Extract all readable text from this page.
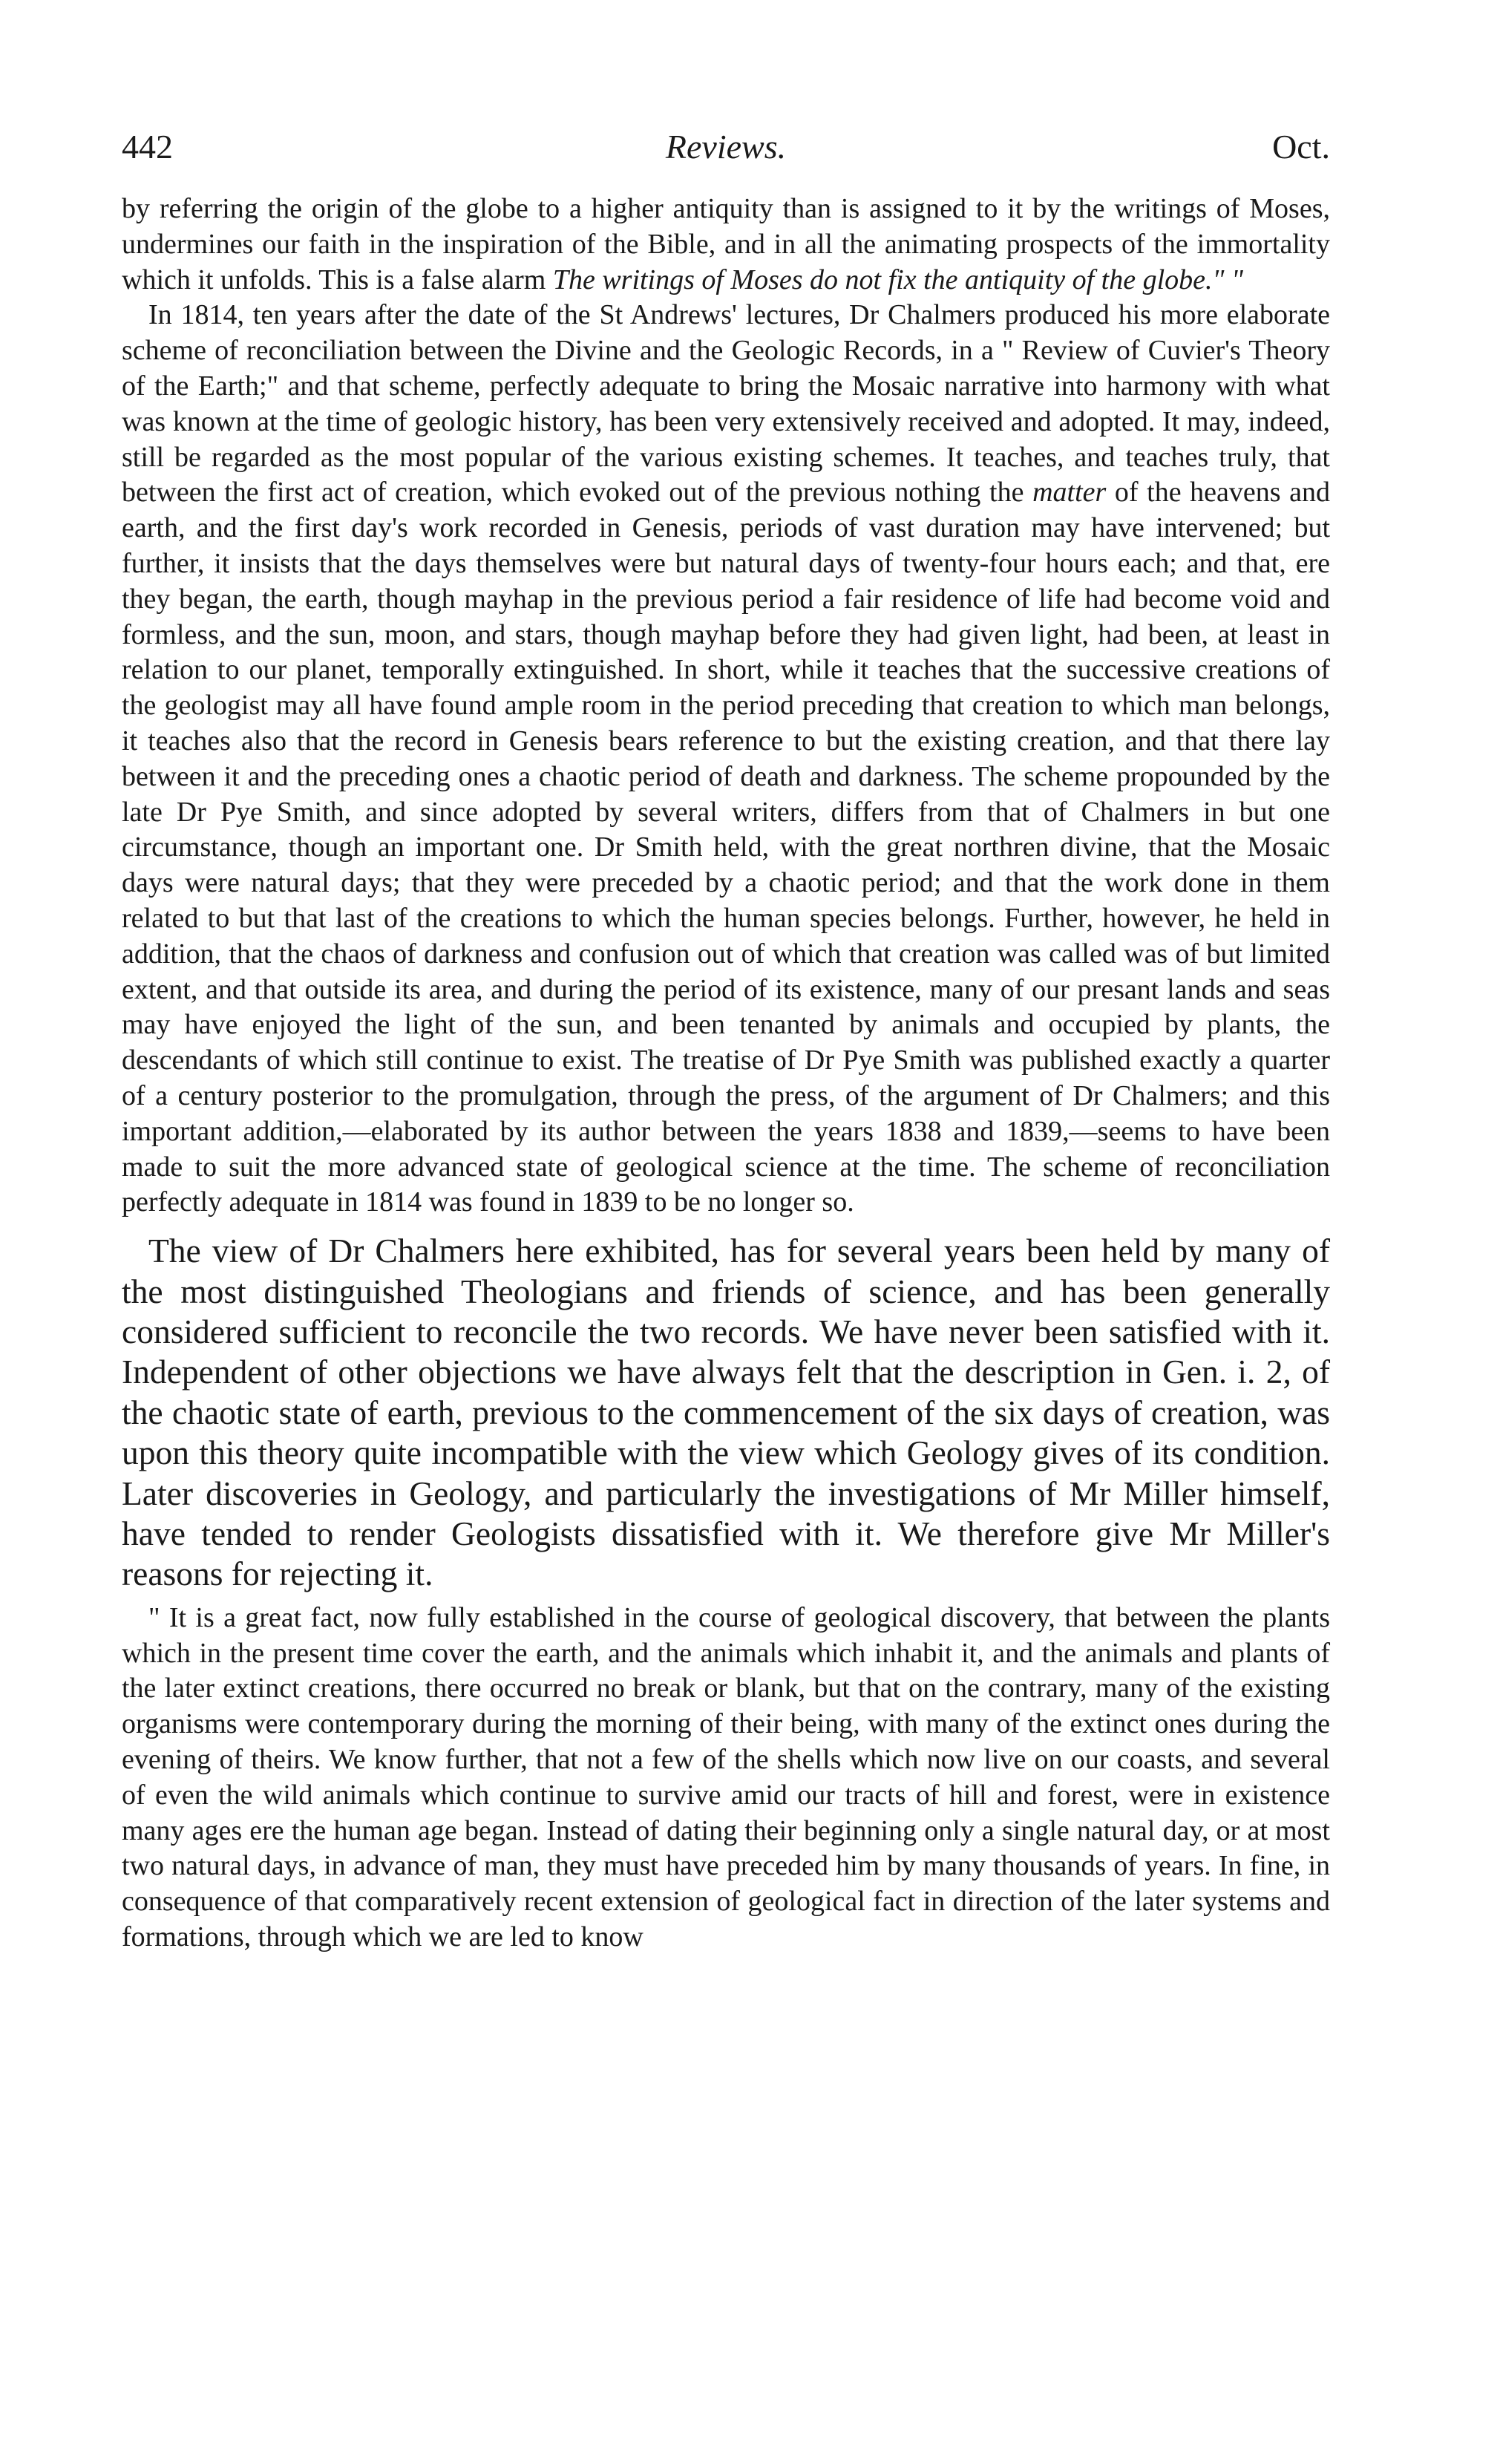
442	Reviews.	Oct.

by referring the origin of the globe to a higher antiquity than is assigned to it by the writings of Moses, undermines our faith in the inspiration of the Bible, and in all the animating prospects of the immortality which it unfolds. This is a false alarm The writings of Moses do not fix the antiquity of the globe." "

In 1814, ten years after the date of the St Andrews' lectures, Dr Chalmers produced his more elaborate scheme of reconciliation between the Divine and the Geologic Records, in a " Review of Cuvier's Theory of the Earth;" and that scheme, perfectly adequate to bring the Mosaic narrative into harmony with what was known at the time of geologic history, has been very extensively received and adopted. It may, indeed, still be regarded as the most popular of the various existing schemes. It teaches, and teaches truly, that between the first act of creation, which evoked out of the previous nothing the matter of the heavens and earth, and the first day's work recorded in Genesis, periods of vast duration may have intervened; but further, it insists that the days themselves were but natural days of twenty-four hours each; and that, ere they began, the earth, though mayhap in the previous period a fair residence of life had become void and formless, and the sun, moon, and stars, though mayhap before they had given light, had been, at least in relation to our planet, temporally extinguished. In short, while it teaches that the successive creations of the geologist may all have found ample room in the period preceding that creation to which man belongs, it teaches also that the record in Genesis bears reference to but the existing creation, and that there lay between it and the preceding ones a chaotic period of death and darkness. The scheme propounded by the late Dr Pye Smith, and since adopted by several writers, differs from that of Chalmers in but one circumstance, though an important one. Dr Smith held, with the great northren divine, that the Mosaic days were natural days; that they were preceded by a chaotic period; and that the work done in them related to but that last of the creations to which the human species belongs. Further, however, he held in addition, that the chaos of darkness and confusion out of which that creation was called was of but limited extent, and that outside its area, and during the period of its existence, many of our presant lands and seas may have enjoyed the light of the sun, and been tenanted by animals and occupied by plants, the descendants of which still continue to exist. The treatise of Dr Pye Smith was published exactly a quarter of a century posterior to the promulgation, through the press, of the argument of Dr Chalmers; and this important addition,—elaborated by its author between the years 1838 and 1839,—seems to have been made to suit the more advanced state of geological science at the time. The scheme of reconciliation perfectly adequate in 1814 was found in 1839 to be no longer so.

The view of Dr Chalmers here exhibited, has for several years been held by many of the most distinguished Theologians and friends of science, and has been generally considered sufficient to reconcile the two records. We have never been satisfied with it. Independent of other objections we have always felt that the description in Gen. i. 2, of the chaotic state of earth, previous to the commencement of the six days of creation, was upon this theory quite incompatible with the view which Geology gives of its condition. Later discoveries in Geology, and particularly the investigations of Mr Miller himself, have tended to render Geologists dissatisfied with it. We therefore give Mr Miller's reasons for rejecting it.

" It is a great fact, now fully established in the course of geological discovery, that between the plants which in the present time cover the earth, and the animals which inhabit it, and the animals and plants of the later extinct creations, there occurred no break or blank, but that on the contrary, many of the existing organisms were contemporary during the morning of their being, with many of the extinct ones during the evening of theirs. We know further, that not a few of the shells which now live on our coasts, and several of even the wild animals which continue to survive amid our tracts of hill and forest, were in existence many ages ere the human age began. Instead of dating their beginning only a single natural day, or at most two natural days, in advance of man, they must have preceded him by many thousands of years. In fine, in consequence of that comparatively recent extension of geological fact in direction of the later systems and formations, through which we are led to know
